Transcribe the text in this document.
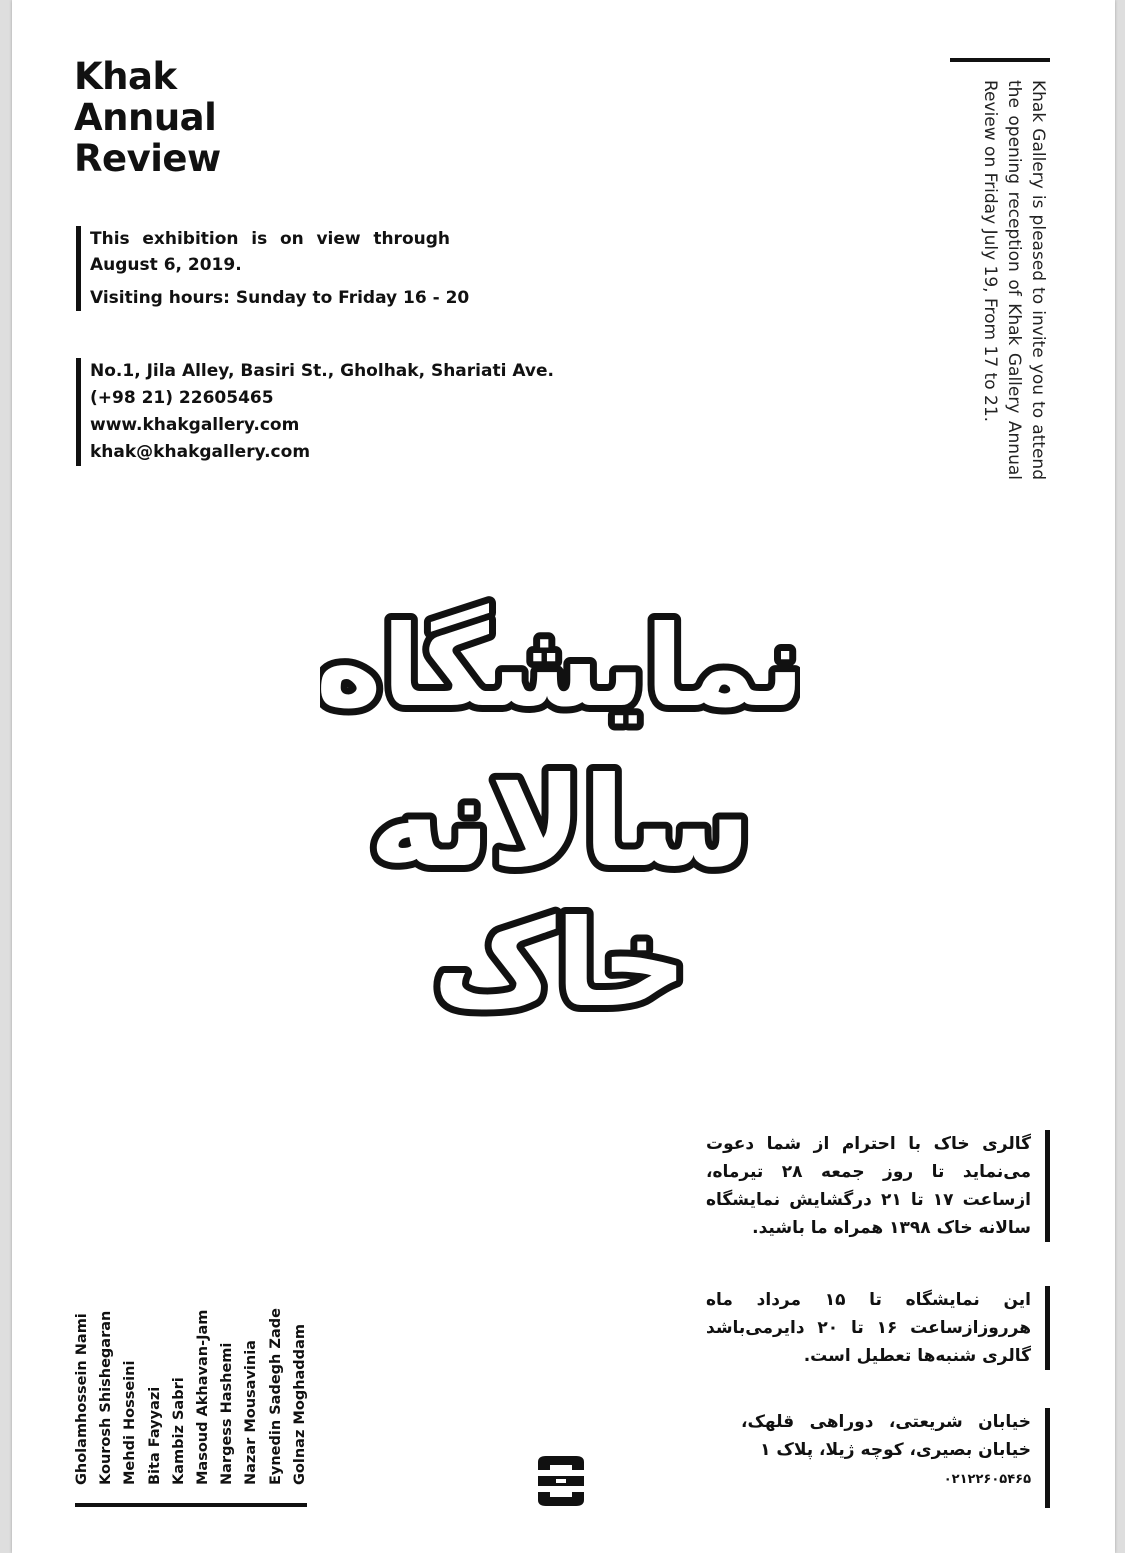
Khak
Annual
Review
This exhibition is on view through August 6, 2019.
Visiting hours: Sunday to Friday 16 - 20
No.1, Jila Alley, Basiri St., Gholhak, Shariati Ave.
(+98 21) 22605465
www.khakgallery.com
khak@khakgallery.com	Khak Gallery is pleased to invite you to attend the opening reception of Khak Gallery Annual Review on Friday July 19, From 17 to 21.
نمایشگاه
سالانه
خاک
گالری خاک با احترام از شما دعوت می‌نماید تا روز جمعه ۲۸ تیرماه، ازساعت ۱۷ تا ۲۱ درگشایش نمایشگاه سالانه خاک ۱۳۹۸ همراه ما باشید.
این نمایشگاه تا ۱۵ مرداد ماه هرروزازساعت ۱۶ تا ۲۰ دایرمی‌باشد گالری شنبه‌ها تعطیل است.
خیابان شریعتی، دوراهی قلهک، خیابان بصیری، کوچه ژیلا، پلاک ۱
۰۲۱۲۲۶۰۵۴۶۵
Gholamhossein Nami Kourosh Shishegaran Mehdi Hosseini Bita Fayyazi Kambiz Sabri Masoud Akhavan-Jam Nargess Hashemi Nazar Mousavinia Eynedin Sadegh Zade Golnaz Moghaddam
